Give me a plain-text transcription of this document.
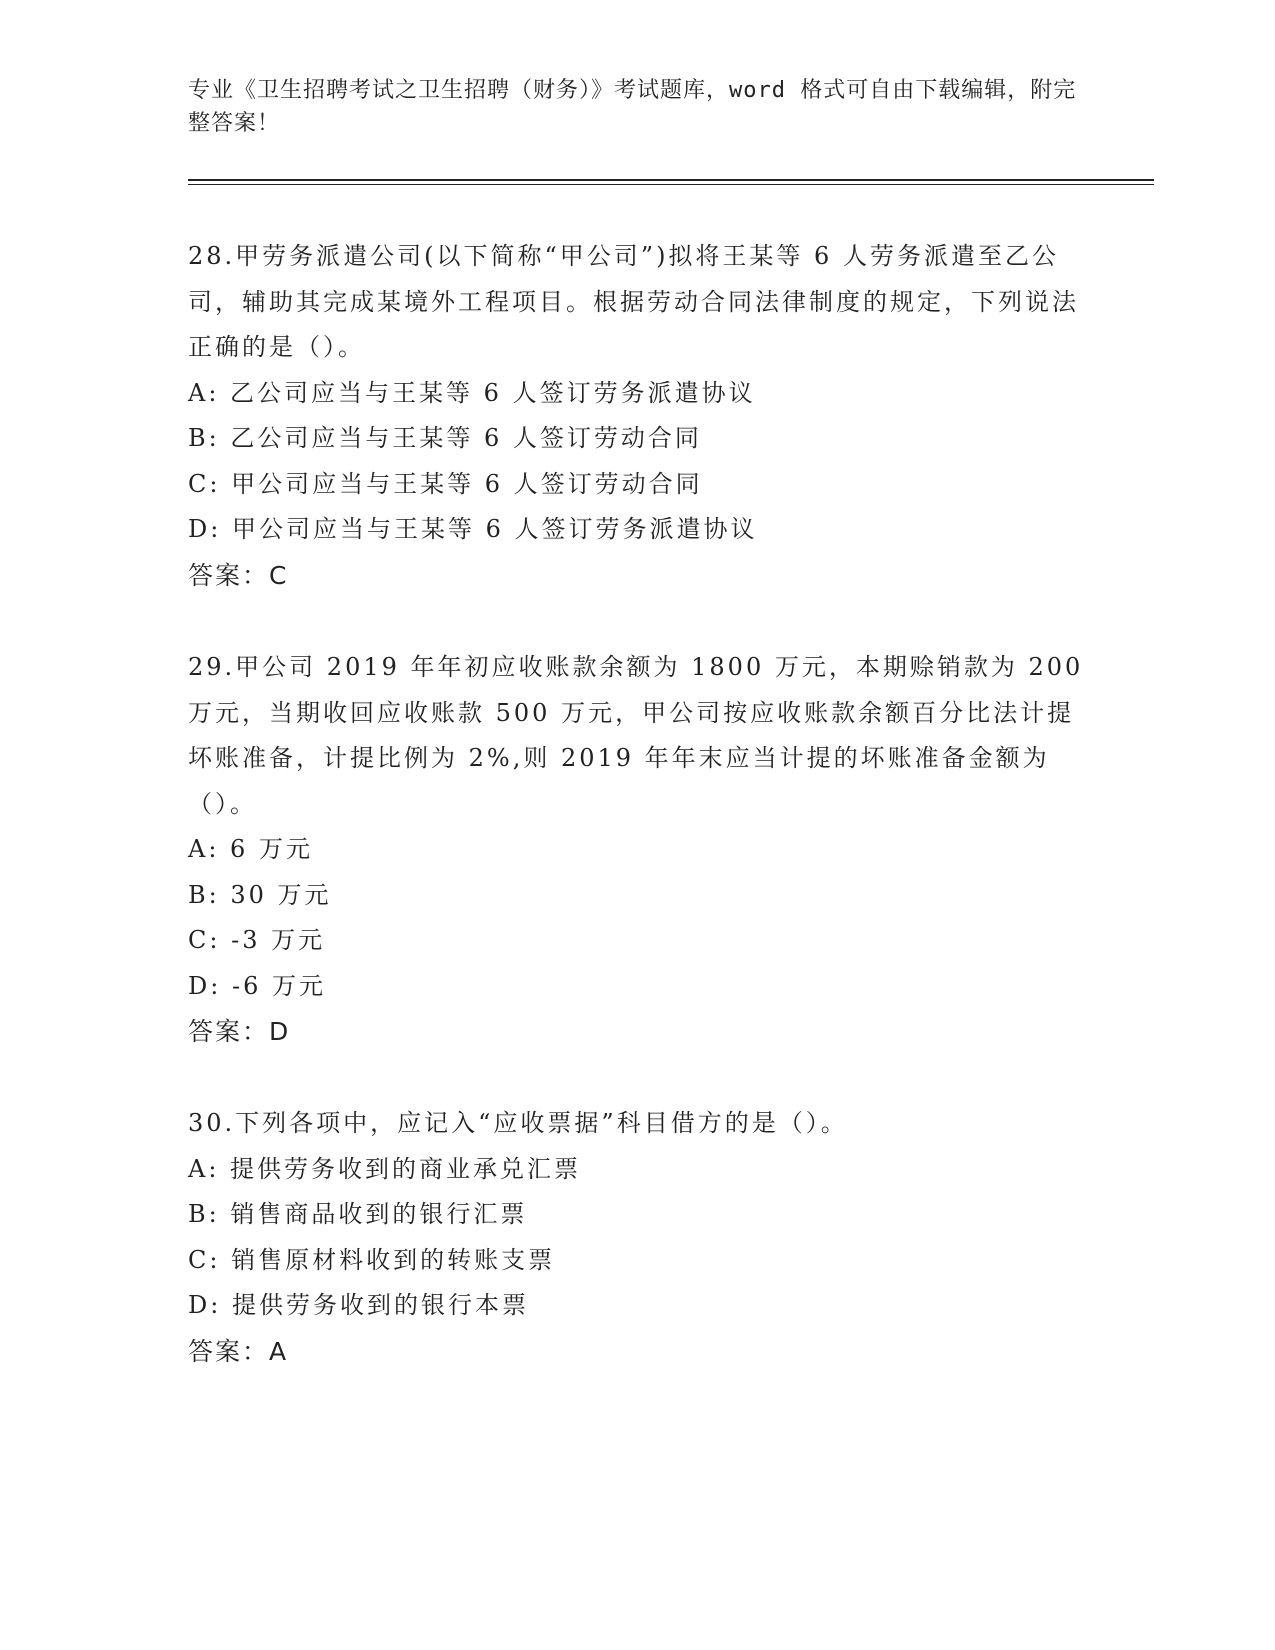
专业《卫生招聘考试之卫生招聘（财务）》考试题库，word 格式可自由下载编辑，附完整答案！
28.甲劳务派遣公司(以下简称“甲公司”)拟将王某等 6 人劳务派遣至乙公司，辅助其完成某境外工程项目。根据劳动合同法律制度的规定，下列说法正确的是（）。
A: 乙公司应当与王某等 6 人签订劳务派遣协议
B: 乙公司应当与王某等 6 人签订劳动合同
C: 甲公司应当与王某等 6 人签订劳动合同
D: 甲公司应当与王某等 6 人签订劳务派遣协议
答案：C
29.甲公司 2019 年年初应收账款余额为 1800 万元，本期赊销款为 200 万元，当期收回应收账款 500 万元，甲公司按应收账款余额百分比法计提坏账准备，计提比例为 2%,则 2019 年年末应当计提的坏账准备金额为（）。
A: 6 万元
B: 30 万元
C: -3 万元
D: -6 万元
答案：D
30.下列各项中，应记入“应收票据”科目借方的是（）。
A: 提供劳务收到的商业承兑汇票
B: 销售商品收到的银行汇票
C: 销售原材料收到的转账支票
D: 提供劳务收到的银行本票
答案：A
